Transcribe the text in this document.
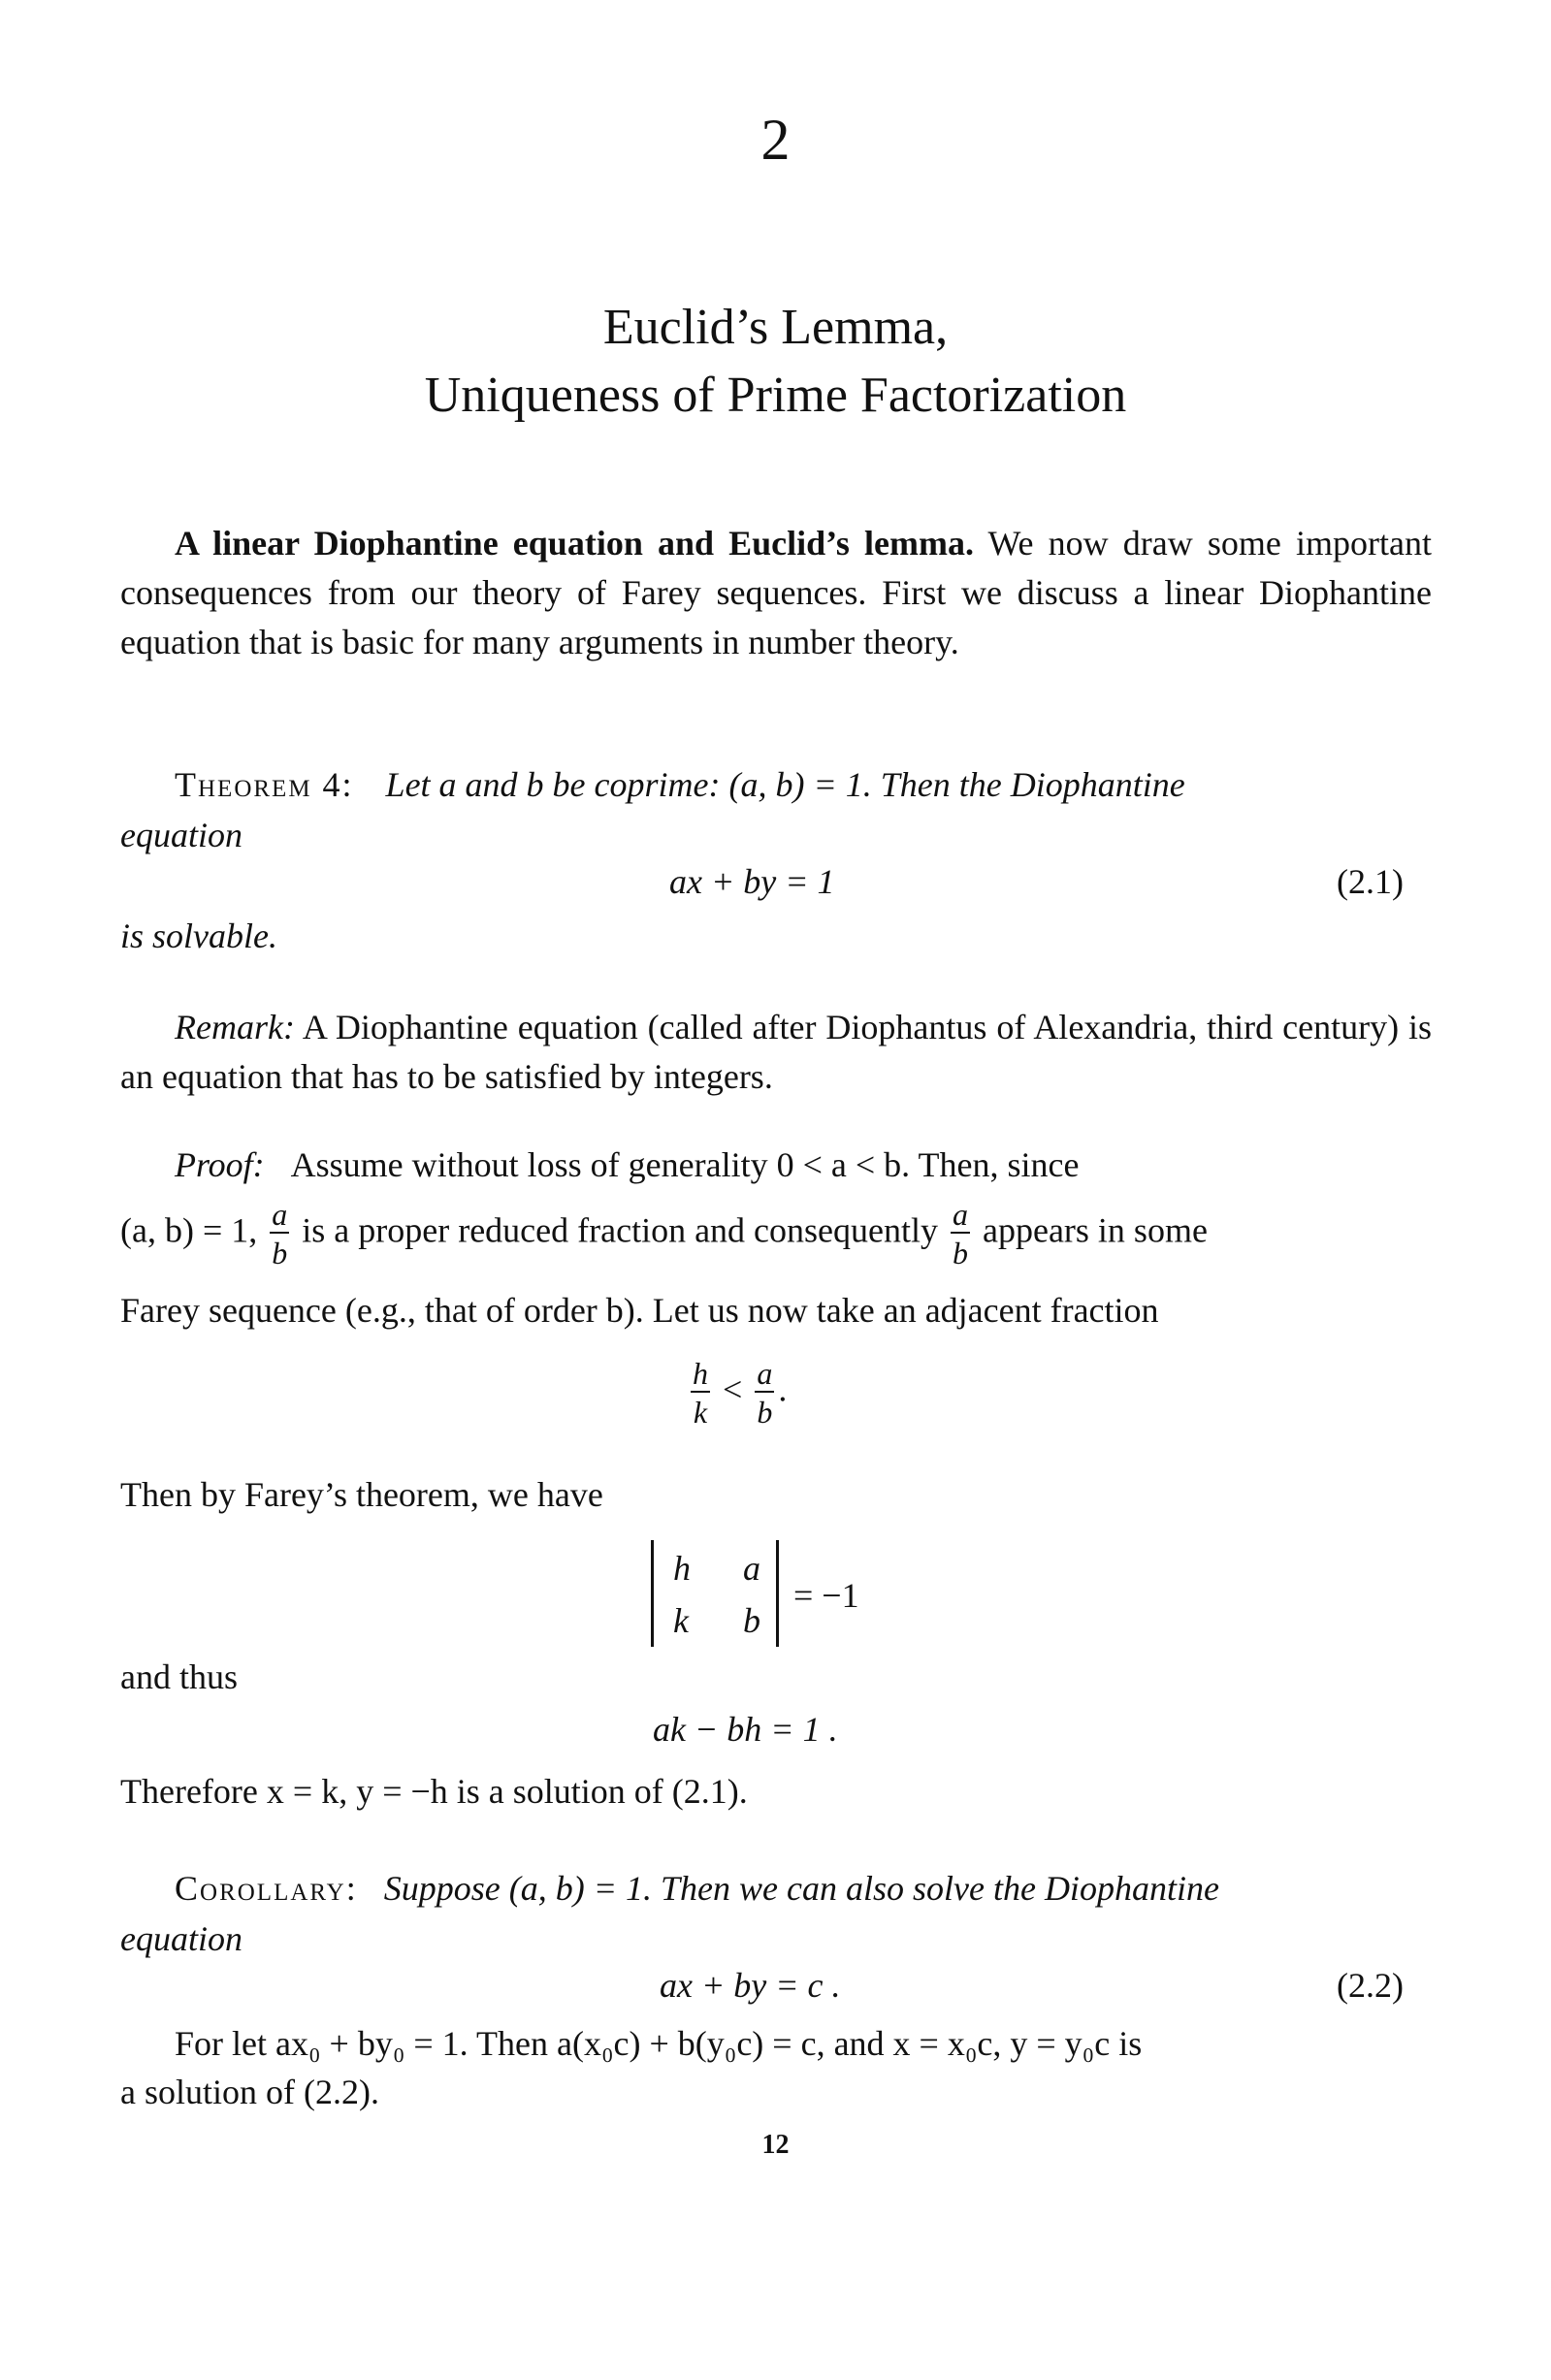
2
Euclid’s Lemma,
Uniqueness of Prime Factorization
A linear Diophantine equation and Euclid’s lemma. We now draw some important consequences from our theory of Farey sequences. First we discuss a linear Diophantine equation that is basic for many arguments in number theory.
Theorem 4: Let a and b be coprime: (a, b) = 1. Then the Diophantine
equation
ax + by = 1	(2.1)
is solvable.
Remark: A Diophantine equation (called after Diophantus of Alexandria, third century) is an equation that has to be satisfied by integers.
Proof: Assume without loss of generality 0 < a < b. Then, since
(a, b) = 1, $\frac{a}{b}$ is a proper reduced fraction and consequently $\frac{a}{b}$ appears in some
Farey sequence (e.g., that of order b). Let us now take an adjacent fraction
$\frac{h}{k} < \frac{a}{b}$ .
Then by Farey’s theorem, we have
h a
k b
= −1
and thus
ak − bh = 1 .
Therefore x = k, y = −h is a solution of (2.1).
Corollary: Suppose (a, b) = 1. Then we can also solve the Diophantine
equation
ax + by = c .	(2.2)
For let ax₀ + by₀ = 1. Then a(x₀c) + b(y₀c) = c, and x = x₀c, y = y₀c is
a solution of (2.2).
12
